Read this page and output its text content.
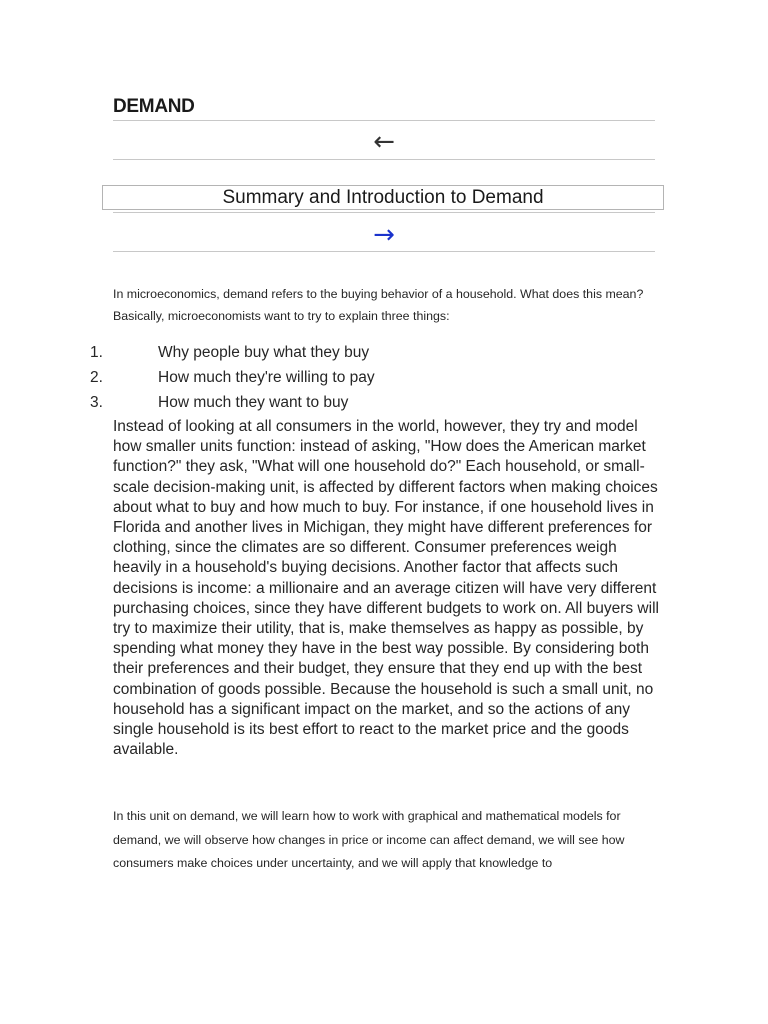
DEMAND
←
Summary and Introduction to Demand
→
In microeconomics, demand refers to the buying behavior of a household. What does this mean? Basically, microeconomists want to try to explain three things:
1.	Why people buy what they buy
2.	How much they're willing to pay
3.	How much they want to buy
Instead of looking at all consumers in the world, however, they try and model how smaller units function: instead of asking, "How does the American market function?" they ask, "What will one household do?" Each household, or small-scale decision-making unit, is affected by different factors when making choices about what to buy and how much to buy. For instance, if one household lives in Florida and another lives in Michigan, they might have different preferences for clothing, since the climates are so different. Consumer preferences weigh heavily in a household's buying decisions. Another factor that affects such decisions is income: a millionaire and an average citizen will have very different purchasing choices, since they have different budgets to work on. All buyers will try to maximize their utility, that is, make themselves as happy as possible, by spending what money they have in the best way possible. By considering both their preferences and their budget, they ensure that they end up with the best combination of goods possible. Because the household is such a small unit, no household has a significant impact on the market, and so the actions of any single household is its best effort to react to the market price and the goods available.
In this unit on demand, we will learn how to work with graphical and mathematical models for demand, we will observe how changes in price or income can affect demand, we will see how consumers make choices under uncertainty, and we will apply that knowledge to
